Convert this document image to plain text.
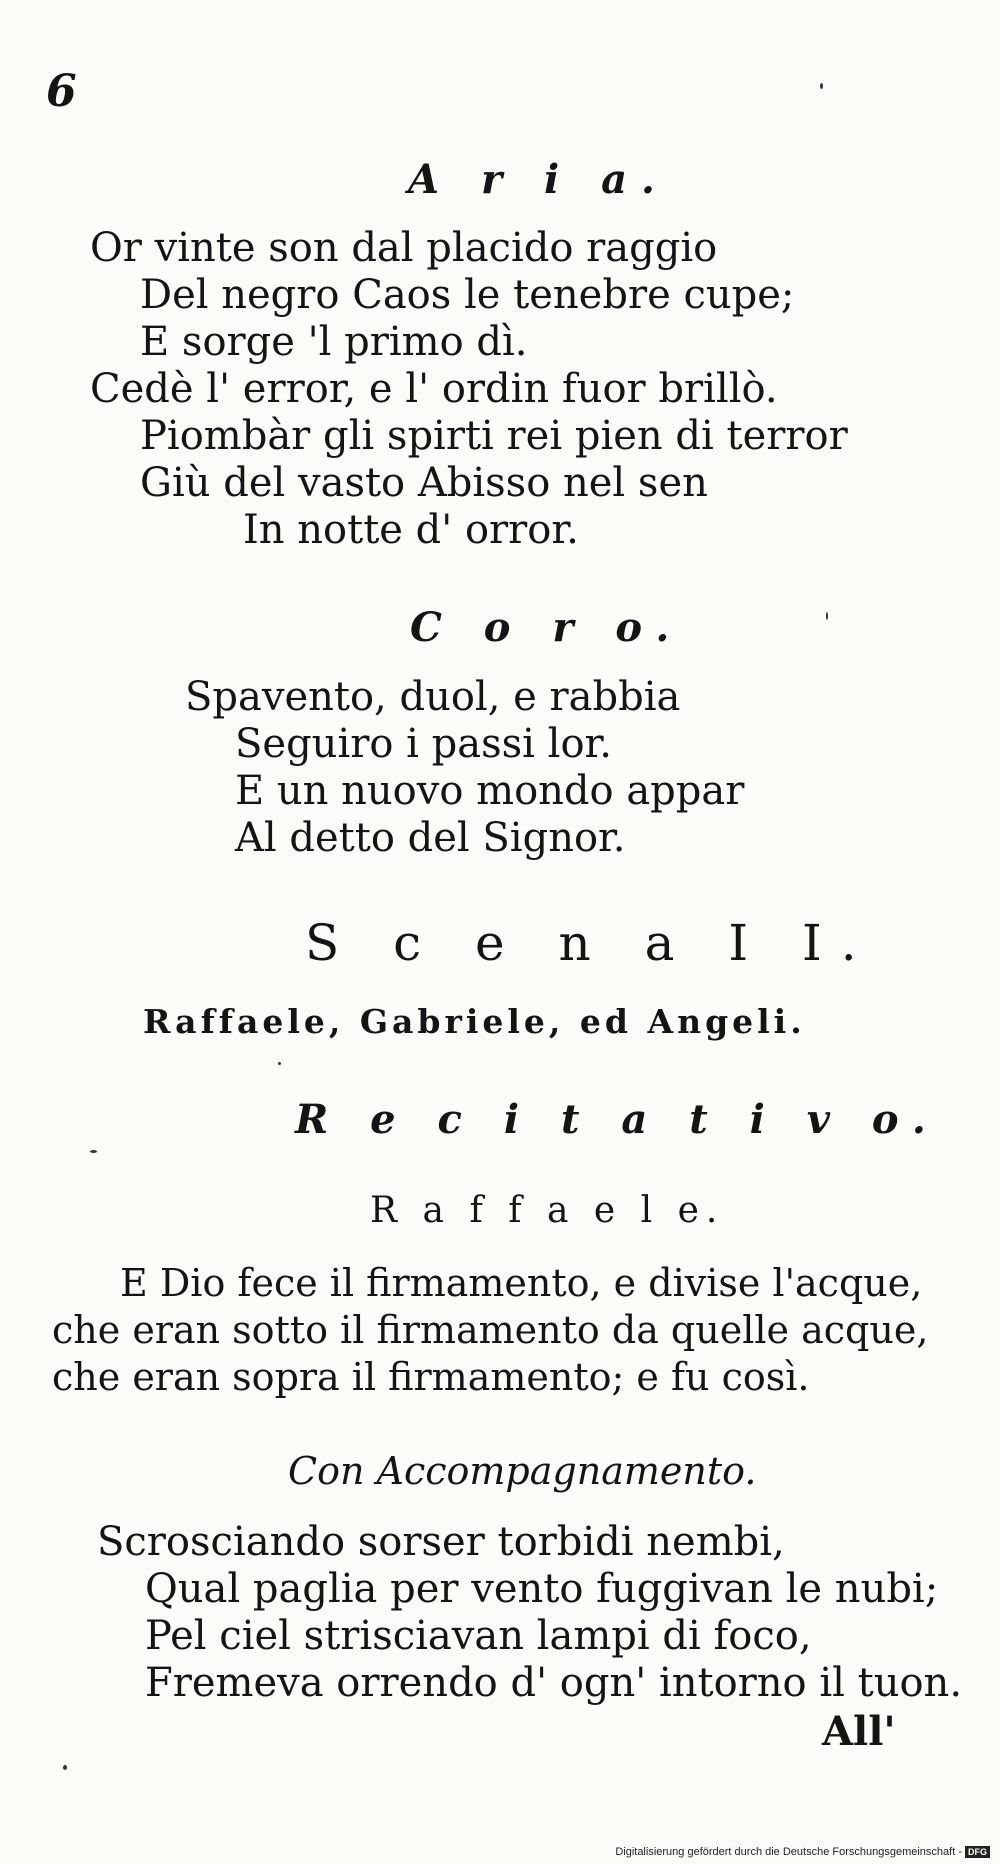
6
A r i a.
Or vinte son dal placido raggio
Del negro Caos le tenebre cupe;
E sorge 'l primo dì.
Cedè l' error, e l' ordin fuor brillò.
Piombàr gli spirti rei pien di terror
Giù del vasto Abisso nel sen
In notte d' orror.
C o r o.
Spavento, duol, e rabbia
Seguiro i passi lor.
E un nuovo mondo appar
Al detto del Signor.
S c e n a I I.
Raffaele, Gabriele, ed Angeli.
R e c i t a t i v o.
R a f f a e l e.
E Dio fece il firmamento, e divise l'acque,
che eran sotto il firmamento da quelle acque,
che eran sopra il firmamento; e fu così.
Con Accompagnamento.
Scrosciando sorser torbidi nembi,
Qual paglia per vento fuggivan le nubi;
Pel ciel strisciavan lampi di foco,
Fremeva orrendo d' ogn' intorno il tuon.
All'
Digitalisierung gefördert durch die Deutsche Forschungsgemeinschaft - DFG
